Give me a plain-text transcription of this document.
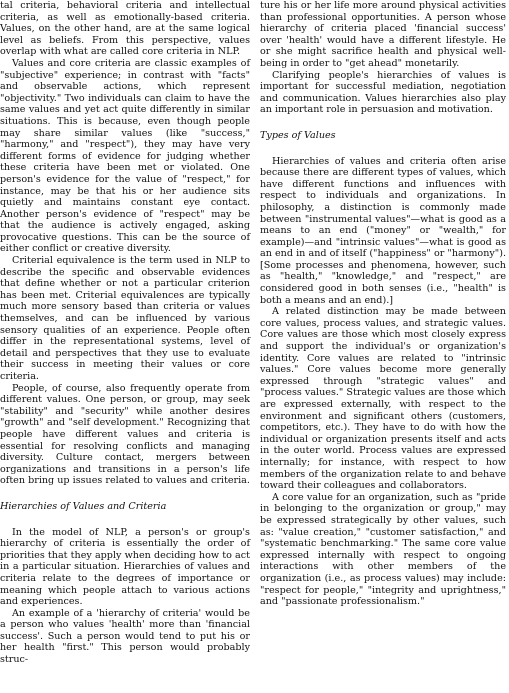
tal criteria, behavioral criteria and intellectual criteria, as well as emotionally-based criteria. Values, on the other hand, are at the same logical level as beliefs. From this perspective, values overlap with what are called core criteria in NLP.

Values and core criteria are classic examples of "subjective" experience; in contrast with "facts" and observable actions, which represent "objectivity." Two individuals can claim to have the same values and yet act quite differently in similar situations. This is because, even though people may share similar values (like "success," "harmony," and "respect"), they may have very different forms of evidence for judging whether these criteria have been met or violated. One person's evidence for the value of "respect," for instance, may be that his or her audience sits quietly and maintains constant eye contact. Another person's evidence of "respect" may be that the audience is actively engaged, asking provocative questions. This can be the source of either conflict or creative diversity.

Criterial equivalence is the term used in NLP to describe the specific and observable evidences that define whether or not a particular criterion has been met. Criterial equivalences are typically much more sensory based than criteria or values themselves, and can be influenced by various sensory qualities of an experience. People often differ in the representational systems, level of detail and perspectives that they use to evaluate their success in meeting their values or core criteria.

People, of course, also frequently operate from different values. One person, or group, may seek "stability" and "security" while another desires "growth" and "self development." Recognizing that people have different values and criteria is essential for resolving conflicts and managing diversity. Culture contact, mergers between organizations and transitions in a person's life often bring up issues related to values and criteria.

Hierarchies of Values and Criteria

In the model of NLP, a person's or group's hierarchy of criteria is essentially the order of priorities that they apply when deciding how to act in a particular situation. Hierarchies of values and criteria relate to the degrees of importance or meaning which people attach to various actions and experiences.

An example of a 'hierarchy of criteria' would be a person who values 'health' more than 'financial success'. Such a person would tend to put his or her health "first." This person would probably struc-

ture his or her life more around physical activities than professional opportunities. A person whose hierarchy of criteria placed 'financial success' over 'health' would have a different lifestyle. He or she might sacrifice health and physical well-being in order to "get ahead" monetarily.

Clarifying people's hierarchies of values is important for successful mediation, negotiation and communication. Values hierarchies also play an important role in persuasion and motivation.

Types of Values

Hierarchies of values and criteria often arise because there are different types of values, which have different functions and influences with respect to individuals and organizations. In philosophy, a distinction is commonly made between "instrumental values"—what is good as a means to an end ("money" or "wealth," for example)—and "intrinsic values"—what is good as an end in and of itself ("happiness" or "harmony"). [Some processes and phenomena, however, such as "health," "knowledge," and "respect," are considered good in both senses (i.e., "health" is both a means and an end).]

A related distinction may be made between core values, process values, and strategic values. Core values are those which most closely express and support the individual's or organization's identity. Core values are related to "intrinsic values." Core values become more generally expressed through "strategic values" and "process values." Strategic values are those which are expressed externally, with respect to the environment and significant others (customers, competitors, etc.). They have to do with how the individual or organization presents itself and acts in the outer world. Process values are expressed internally; for instance, with respect to how members of the organization relate to and behave toward their colleagues and collaborators.

A core value for an organization, such as "pride in belonging to the organization or group," may be expressed strategically by other values, such as: "value creation," "customer satisfaction," and "systematic benchmarking." The same core value expressed internally with respect to ongoing interactions with other members of the organization (i.e., as process values) may include: "respect for people," "integrity and uprightness," and "passionate professionalism."
